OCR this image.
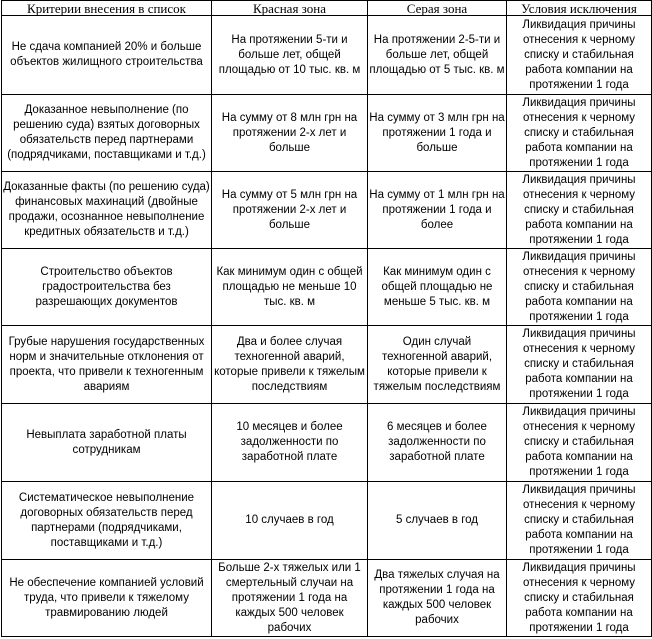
Критерии внесения в список	Красная зона	Серая зона	Условия исключения
Не сдача компанией 20% и больше объектов жилищного строительства	На протяжении 5-ти и больше лет, общей площадью от 10 тыс. кв. м	На протяжении 2-5-ти и больше лет, общей площадью от 5 тыс. кв. м	Ликвидация причины отнесения к черному списку и стабильная работа компании на протяжении 1 года
Доказанное невыполнение (по решению суда) взятых договорных обязательств перед партнерами (подрядчиками, поставщиками и т.д.)	На сумму от 8 млн грн на протяжении 2-х лет и больше	На сумму от 3 млн грн на протяжении 1 года и больше	Ликвидация причины отнесения к черному списку и стабильная работа компании на протяжении 1 года
Доказанные факты (по решению суда) финансовых махинаций (двойные продажи, осознанное невыполнение кредитных обязательств и т.д.)	На сумму от 5 млн грн на протяжении 2-х лет и больше	На сумму от 1 млн грн на протяжении 1 года и более	Ликвидация причины отнесения к черному списку и стабильная работа компании на протяжении 1 года
Строительство объектов градостроительства без разрешающих документов	Как минимум один с общей площадью не меньше 10 тыс. кв. м	Как минимум один с общей площадью не меньше 5 тыс. кв. м	Ликвидация причины отнесения к черному списку и стабильная работа компании на протяжении 1 года
Грубые нарушения государственных норм и значительные отклонения от проекта, что привели к техногенным авариям	Два и более случая техногенной аварий, которые привели к тяжелым последствиям	Один случай техногенной аварий, которые привели к тяжелым последствиям	Ликвидация причины отнесения к черному списку и стабильная работа компании на протяжении 1 года
Невыплата заработной платы сотрудникам	10 месяцев и более задолженности по заработной плате	6 месяцев и более задолженности по заработной плате	Ликвидация причины отнесения к черному списку и стабильная работа компании на протяжении 1 года
Систематическое невыполнение договорных обязательств перед партнерами (подрядчиками, поставщиками и т.д.)	10 случаев в год	5 случаев в год	Ликвидация причины отнесения к черному списку и стабильная работа компании на протяжении 1 года
Не обеспечение компанией условий труда, что привели к тяжелому травмированию людей	Больше 2-х тяжелых или 1 смертельный случаи на протяжении 1 года на каждых 500 человек рабочих	Два тяжелых случая на протяжении 1 года на каждых 500 человек рабочих	Ликвидация причины отнесения к черному списку и стабильная работа компании на протяжении 1 года
